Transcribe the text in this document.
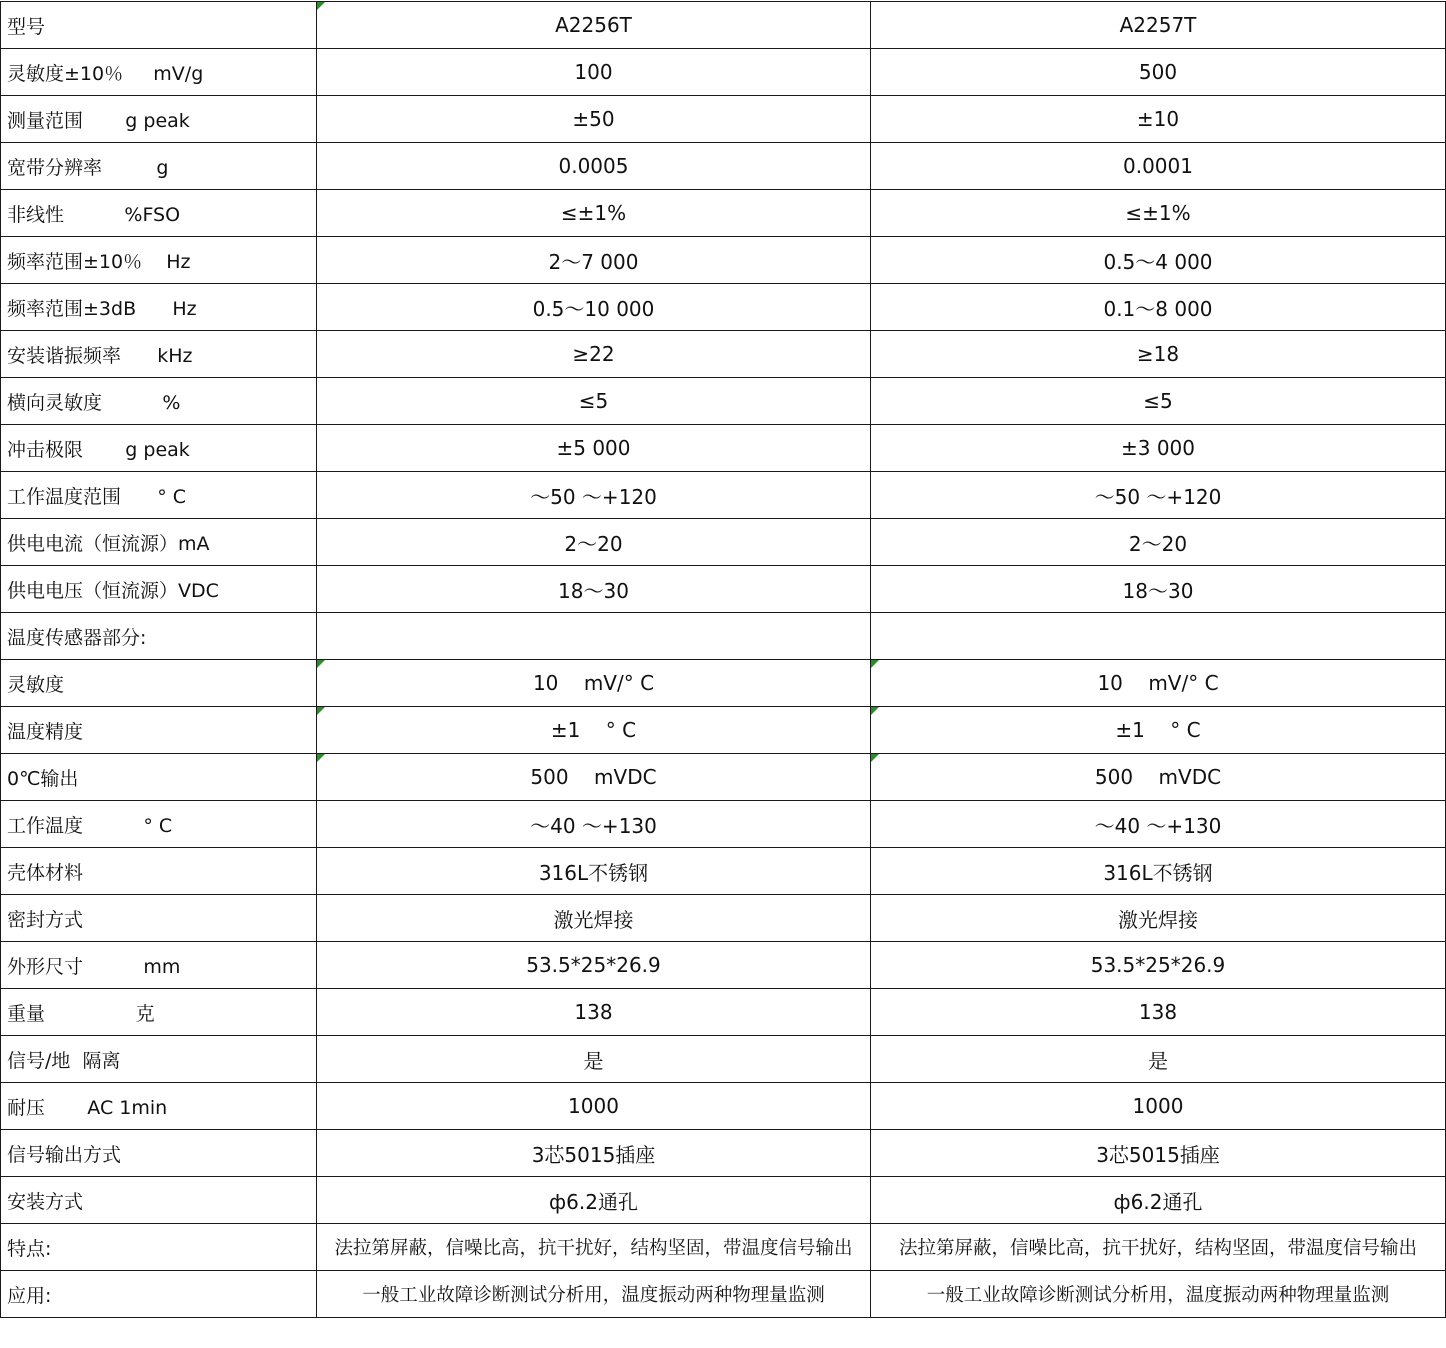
型号	A2256T	A2257T
灵敏度±10％     mV/g	100	500
测量范围       g peak	±50	±10
宽带分辨率         g	0.0005	0.0001
非线性          %FSO	≤±1%	≤±1%
频率范围±10％    Hz	2～7 000	0.5～4 000
频率范围±3dB      Hz	0.5～10 000	0.1～8 000
安装谐振频率      kHz	≥22	≥18
横向灵敏度          %	≤5	≤5
冲击极限       g peak	±5 000	±3 000
工作温度范围      ° C	～50 ～+120	～50 ～+120
供电电流（恒流源）mA	2～20	2～20
供电电压（恒流源）VDC	18～30	18～30
温度传感器部分:		
灵敏度	10    mV/° C	10    mV/° C
温度精度	±1    ° C	±1    ° C
0℃输出	500    mVDC	500    mVDC
工作温度          ° C	～40 ～+130	～40 ～+130
壳体材料	316L不锈钢	316L不锈钢
密封方式	激光焊接	激光焊接
外形尺寸          mm	53.5*25*26.9	53.5*25*26.9
重量               克	138	138
信号/地  隔离	是	是
耐压       AC 1min	1000	1000
信号输出方式	3芯5015插座	3芯5015插座
安装方式	ф6.2通孔	ф6.2通孔
特点:	法拉第屏蔽，信噪比高，抗干扰好，结构坚固，带温度信号输出	法拉第屏蔽，信噪比高，抗干扰好，结构坚固，带温度信号输出
应用:	一般工业故障诊断测试分析用，温度振动两种物理量监测	一般工业故障诊断测试分析用，温度振动两种物理量监测
